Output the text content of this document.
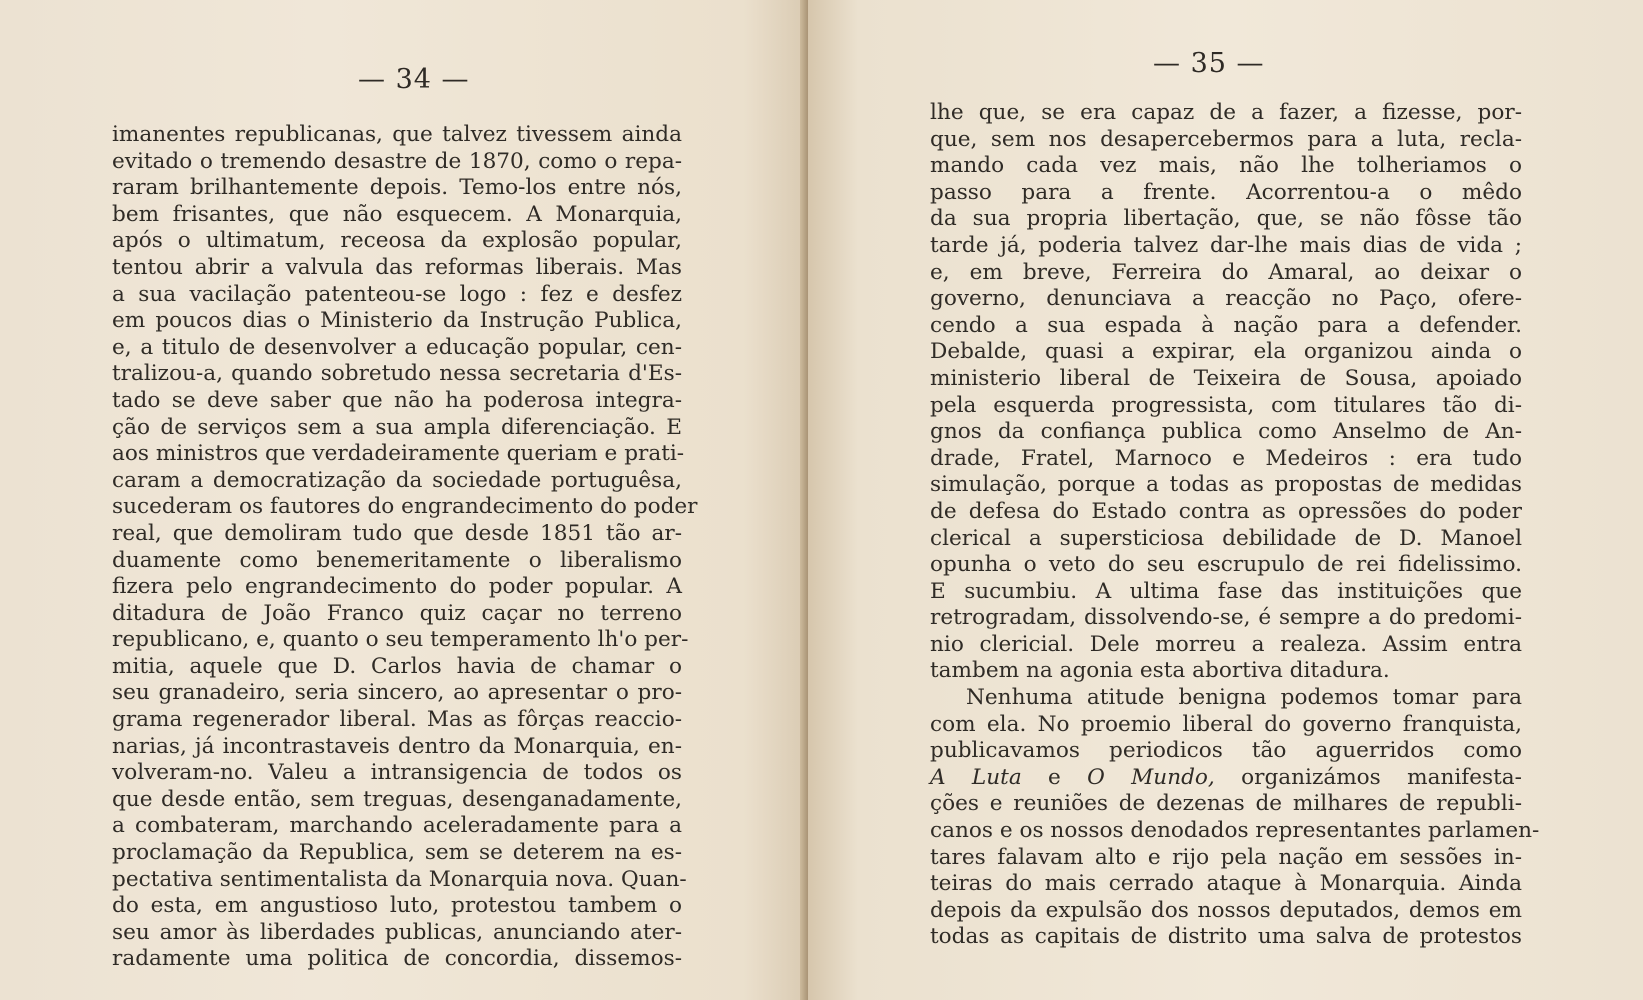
— 34 —
imanentes republicanas, que talvez tivessem ainda
evitado o tremendo desastre de 1870, como o repa-
raram brilhantemente depois. Temo-los entre nós,
bem frisantes, que não esquecem. A Monarquia,
após o ultimatum, receosa da explosão popular,
tentou abrir a valvula das reformas liberais. Mas
a sua vacilação patenteou-se logo : fez e desfez
em poucos dias o Ministerio da Instrução Publica,
e, a titulo de desenvolver a educação popular, cen-
tralizou-a, quando sobretudo nessa secretaria d'Es-
tado se deve saber que não ha poderosa integra-
ção de serviços sem a sua ampla diferenciação. E
aos ministros que verdadeiramente queriam e prati-
caram a democratização da sociedade portuguêsa,
sucederam os fautores do engrandecimento do poder
real, que demoliram tudo que desde 1851 tão ar-
duamente como benemeritamente o liberalismo
fizera pelo engrandecimento do poder popular. A
ditadura de João Franco quiz caçar no terreno
republicano, e, quanto o seu temperamento lh'o per-
mitia, aquele que D. Carlos havia de chamar o
seu granadeiro, seria sincero, ao apresentar o pro-
grama regenerador liberal. Mas as fôrças reaccio-
narias, já incontrastaveis dentro da Monarquia, en-
volveram-no. Valeu a intransigencia de todos os
que desde então, sem treguas, desenganadamente,
a combateram, marchando aceleradamente para a
proclamação da Republica, sem se deterem na es-
pectativa sentimentalista da Monarquia nova. Quan-
do esta, em angustioso luto, protestou tambem o
seu amor às liberdades publicas, anunciando ater-
radamente uma politica de concordia, dissemos-
— 35 —
lhe que, se era capaz de a fazer, a fizesse, por-
que, sem nos desapercebermos para a luta, recla-
mando cada vez mais, não lhe tolheriamos o
passo para a frente. Acorrentou-a o mêdo
da sua propria libertação, que, se não fôsse tão
tarde já, poderia talvez dar-lhe mais dias de vida ;
e, em breve, Ferreira do Amaral, ao deixar o
governo, denunciava a reacção no Paço, ofere-
cendo a sua espada à nação para a defender.
Debalde, quasi a expirar, ela organizou ainda o
ministerio liberal de Teixeira de Sousa, apoiado
pela esquerda progressista, com titulares tão di-
gnos da confiança publica como Anselmo de An-
drade, Fratel, Marnoco e Medeiros : era tudo
simulação, porque a todas as propostas de medidas
de defesa do Estado contra as opressões do poder
clerical a supersticiosa debilidade de D. Manoel
opunha o veto do seu escrupulo de rei fidelissimo.
E sucumbiu. A ultima fase das instituições que
retrogradam, dissolvendo-se, é sempre a do predomi-
nio clericial. Dele morreu a realeza. Assim entra
tambem na agonia esta abortiva ditadura.
Nenhuma atitude benigna podemos tomar para
com ela. No proemio liberal do governo franquista,
publicavamos periodicos tão aguerridos como
A Luta e O Mundo, organizámos manifesta-
ções e reuniões de dezenas de milhares de republi-
canos e os nossos denodados representantes parlamen-
tares falavam alto e rijo pela nação em sessões in-
teiras do mais cerrado ataque à Monarquia. Ainda
depois da expulsão dos nossos deputados, demos em
todas as capitais de distrito uma salva de protestos
